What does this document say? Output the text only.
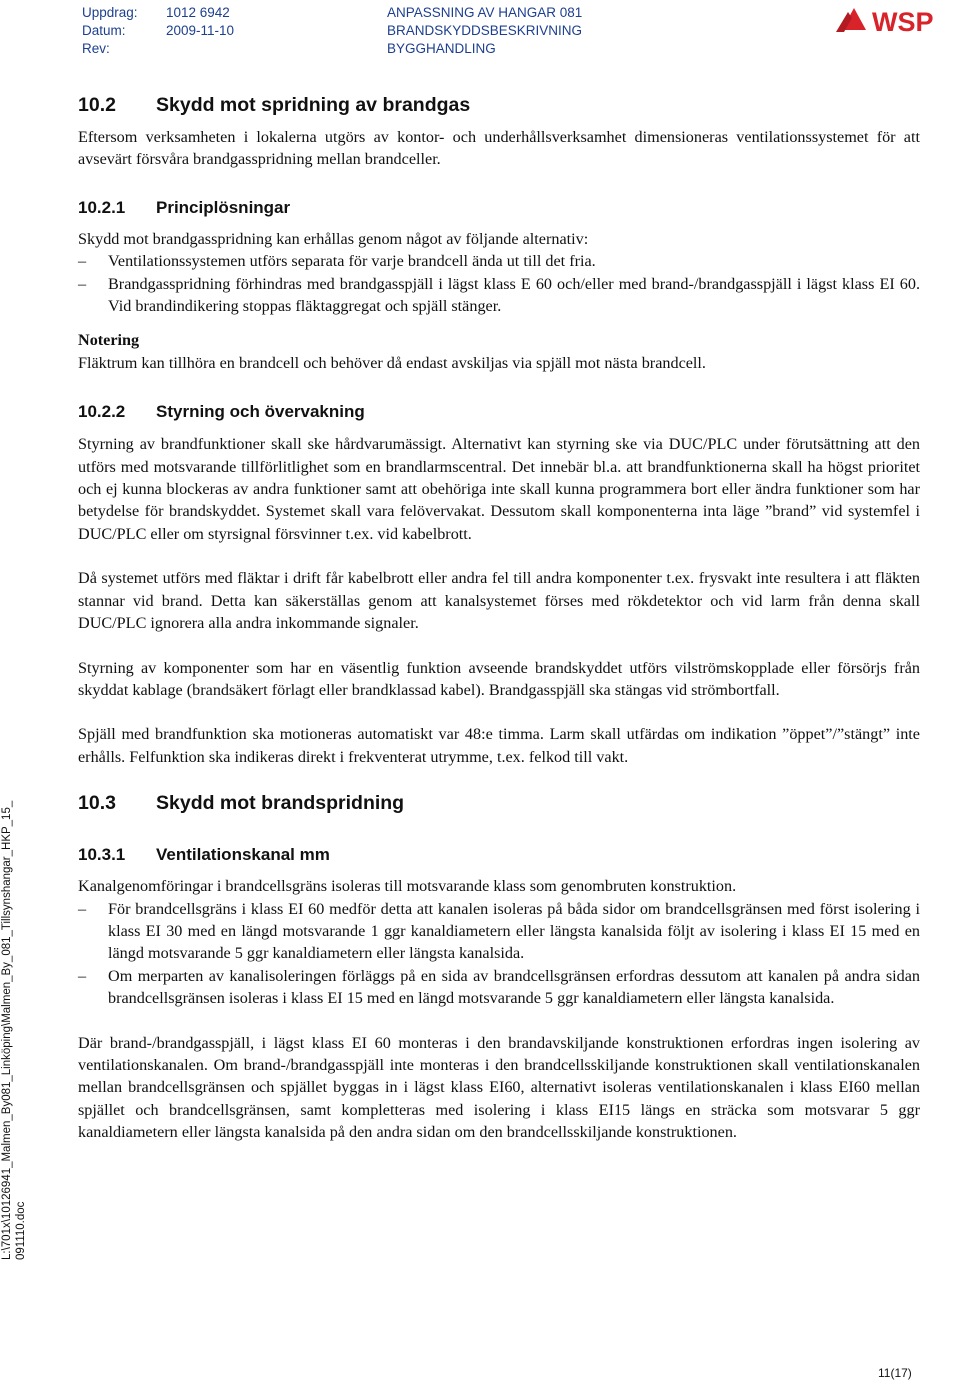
Uppdrag:	1012 6942
Datum:	2009-11-10
Rev:
ANPASSNING AV HANGAR 081
BRANDSKYDDSBESKRIVNING
BYGGHANDLING
WSP
10.2	Skydd mot spridning av brandgas

Eftersom verksamheten i lokalerna utgörs av kontor- och underhållsverksamhet dimensioneras ventilationssystemet för att avsevärt försvåra brandgasspridning mellan brandceller.

10.2.1	Principlösningar

Skydd mot brandgasspridning kan erhållas genom något av följande alternativ:

–	Ventilationssystemen utförs separata för varje brandcell ända ut till det fria.
–	Brandgasspridning förhindras med brandgasspjäll i lägst klass E 60 och/eller med brand-/brandgasspjäll i lägst klass EI 60. Vid brandindikering stoppas fläktaggregat och spjäll stänger.

Notering

Fläktrum kan tillhöra en brandcell och behöver då endast avskiljas via spjäll mot nästa brandcell.

10.2.2	Styrning och övervakning

Styrning av brandfunktioner skall ske hårdvarumässigt. Alternativt kan styrning ske via DUC/PLC under förutsättning att den utförs med motsvarande tillförlitlighet som en brandlarmscentral. Det innebär bl.a. att brandfunktionerna skall ha högst prioritet och ej kunna blockeras av andra funktioner samt att obehöriga inte skall kunna programmera bort eller ändra funktioner som har betydelse för brandskyddet. Systemet skall vara felövervakat. Dessutom skall komponenterna inta läge ”brand” vid systemfel i DUC/PLC eller om styrsignal försvinner t.ex. vid kabelbrott.

Då systemet utförs med fläktar i drift får kabelbrott eller andra fel till andra komponenter t.ex. frysvakt inte resultera i att fläkten stannar vid brand. Detta kan säkerställas genom att kanalsystemet förses med rökdetektor och vid larm från denna skall DUC/PLC ignorera alla andra inkommande signaler.

Styrning av komponenter som har en väsentlig funktion avseende brandskyddet utförs vilströmskopplade eller försörjs från skyddat kablage (brandsäkert förlagt eller brandklassad kabel). Brandgasspjäll ska stängas vid strömbortfall.

Spjäll med brandfunktion ska motioneras automatiskt var 48:e timma. Larm skall utfärdas om indikation ”öppet”/”stängt” inte erhålls. Felfunktion ska indikeras direkt i frekventerat utrymme, t.ex. felkod till vakt.

10.3	Skydd mot brandspridning
10.3.1	Ventilationskanal mm

Kanalgenomföringar i brandcellsgräns isoleras till motsvarande klass som genombruten konstruktion.

–	För brandcellsgräns i klass EI 60 medför detta att kanalen isoleras på båda sidor om brandcellsgränsen med först isolering i klass EI 30 med en längd motsvarande 1 ggr kanaldiametern eller längsta kanalsida följt av isolering i klass EI 15 med en längd motsvarande 5 ggr kanaldiametern eller längsta kanalsida.
–	Om merparten av kanalisoleringen förläggs på en sida av brandcellsgränsen erfordras dessutom att kanalen på andra sidan brandcellsgränsen isoleras i klass EI 15 med en längd motsvarande 5 ggr kanaldiametern eller längsta kanalsida.

Där brand-/brandgasspjäll, i lägst klass EI 60 monteras i den brandavskiljande konstruktionen erfordras ingen isolering av ventilationskanalen. Om brand-/brandgasspjäll inte monteras i den brandcellsskiljande konstruktionen skall ventilationskanalen mellan brandcellsgränsen och spjället byggas in i lägst klass EI60, alternativt isoleras ventilationskanalen i klass EI60 mellan spjället och brandcellsgränsen, samt kompletteras med isolering i klass EI15 längs en sträcka som motsvarar 5 ggr kanaldiametern eller längsta kanalsida på den andra sidan om den brandcellsskiljande konstruktionen.

L:\701x\10126941_Malmen_By081_Linköping\Malmen_By_081_Tillsynshangar_HKP_15_ 091110.doc
11(17)
